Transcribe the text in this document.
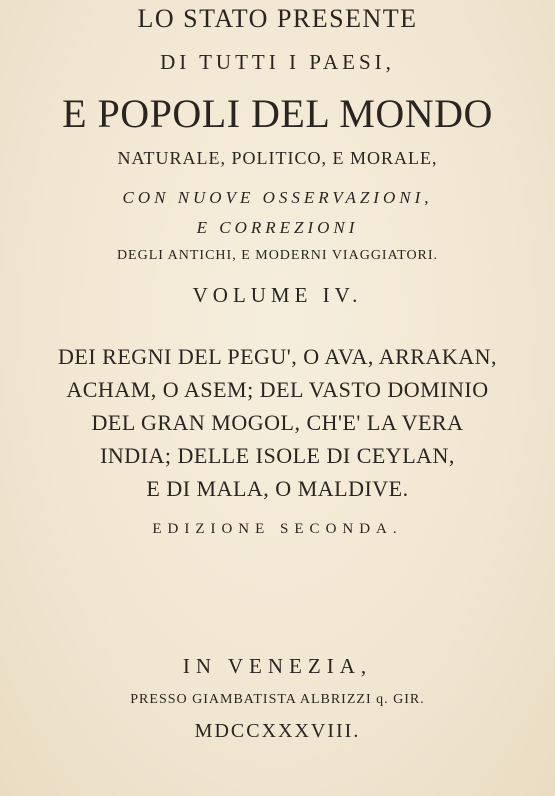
LO STATO PRESENTE
DI TUTTI I PAESI,
E POPOLI DEL MONDO
NATURALE, POLITICO, E MORALE,
CON NUOVE OSSERVAZIONI,
E CORREZIONI
DEGLI ANTICHI, E MODERNI VIAGGIATORI.
VOLUME IV.
DEI REGNI DEL PEGU', O AVA, ARRAKAN,
ACHAM, O ASEM; DEL VASTO DOMINIO
DEL GRAN MOGOL, CH'E' LA VERA
INDIA; DELLE ISOLE DI CEYLAN,
E DI MALA, O MALDIVE.
EDIZIONE SECONDA.
IN VENEZIA,
PRESSO GIAMBATISTA ALBRIZZI q. GIR.
MDCCXXXVIII.
